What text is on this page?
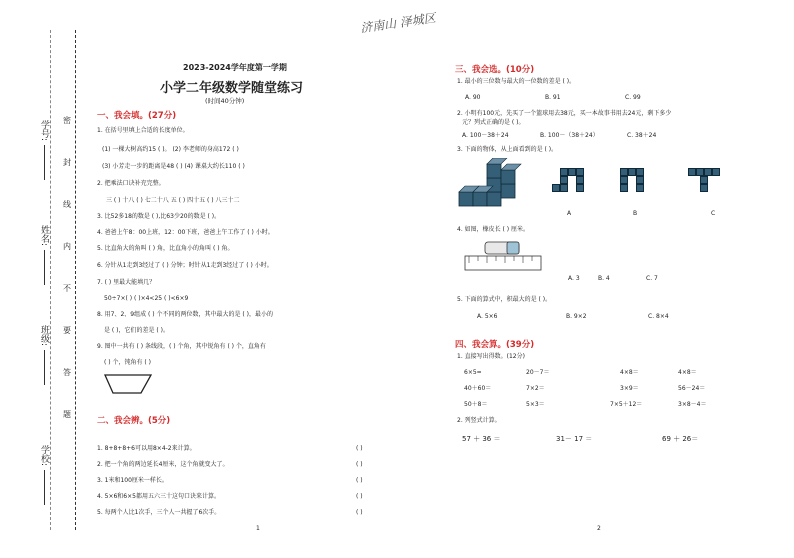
济南山 泽城区
学号:
姓名:
班级:
学校:
密
封
线
内
不
要
答
题
2023-2024学年度第一学期
小学二年级数学随堂练习
(时间40分钟)
一、我会填。(27分)
1. 在括号里填上合适的长度单位。
(1) 一棵大树高约15 ( )。 (2) 李老师的身高172 ( )
(3) 小芳走一步的距离是48 ( ) (4) 课桌大约长110 ( )
2. 把乘法口诀补充完整。
三 ( ) 十八 ( ) 七二十八 五 ( ) 四十五 ( ) 八三十二
3. 比52多18的数是 ( ),比63少20的数是 ( )。
4. 爸爸上午8：00上班，12：00下班，爸爸上午工作了 ( ) 小时。
5. 比直角大的角叫 ( ) 角，比直角小的角叫 ( ) 角。
6. 分针从1走到3经过了 ( ) 分钟；时针从1走到3经过了 ( ) 小时。
7. ( ) 里最大能填几？
50÷7×( ) ( )×4<25 ( )<6×9
8. 用7、2、9组成 ( ) 个不同的两位数，其中最大的是 ( )，最小的
是 ( )，它们的差是 ( )。
9. 图中一共有 ( ) 条线段，( ) 个角，其中锐角有 ( ) 个，直角有
( ) 个，钝角有 ( )
二、我会辨。(5分)
1. 8+8+8+6可以用8×4-2来计算。
2. 把一个角的两边延长4厘米，这个角就变大了。
3. 1米和100厘米一样长。
4. 5×6和6×5都用五六三十这句口诀来计算。
5. 每两个人比1次手，三个人一共握了6次手。
( )
( )
( )
( )
( )
1
三、我会选。(10分)
1. 最小的三位数与最大的一位数的差是 ( )。
A. 90	B. 91	C. 99
2. 小明有100元，先买了一个篮球用去38元，买一本故事书用去24元，剩下多少
元？列式正确的是 ( )。
A. 100－38＋24	B. 100－（38＋24）	C. 38＋24
3. 下面的物体，从上面看到的是 ( )。
A	B	C
4. 如图，橡皮长 ( ) 厘米。
A. 3	B. 4	C. 7
5. 下面的算式中，积最大的是 ( )。
A. 5×6	B. 9×2	C. 8×4
四、我会算。(39分)
1. 直接写出得数。(12分)
6×5=	20－7＝	4×8＝	4×8＝
40＋60＝	7×2＝	3×9＝	56－24＝
50＋8＝	5×3＝	7×5＋12＝	3×8－4＝
2. 列竖式计算。
57 ＋ 36 ＝	31－ 17 ＝	69 ＋ 26＝
2
